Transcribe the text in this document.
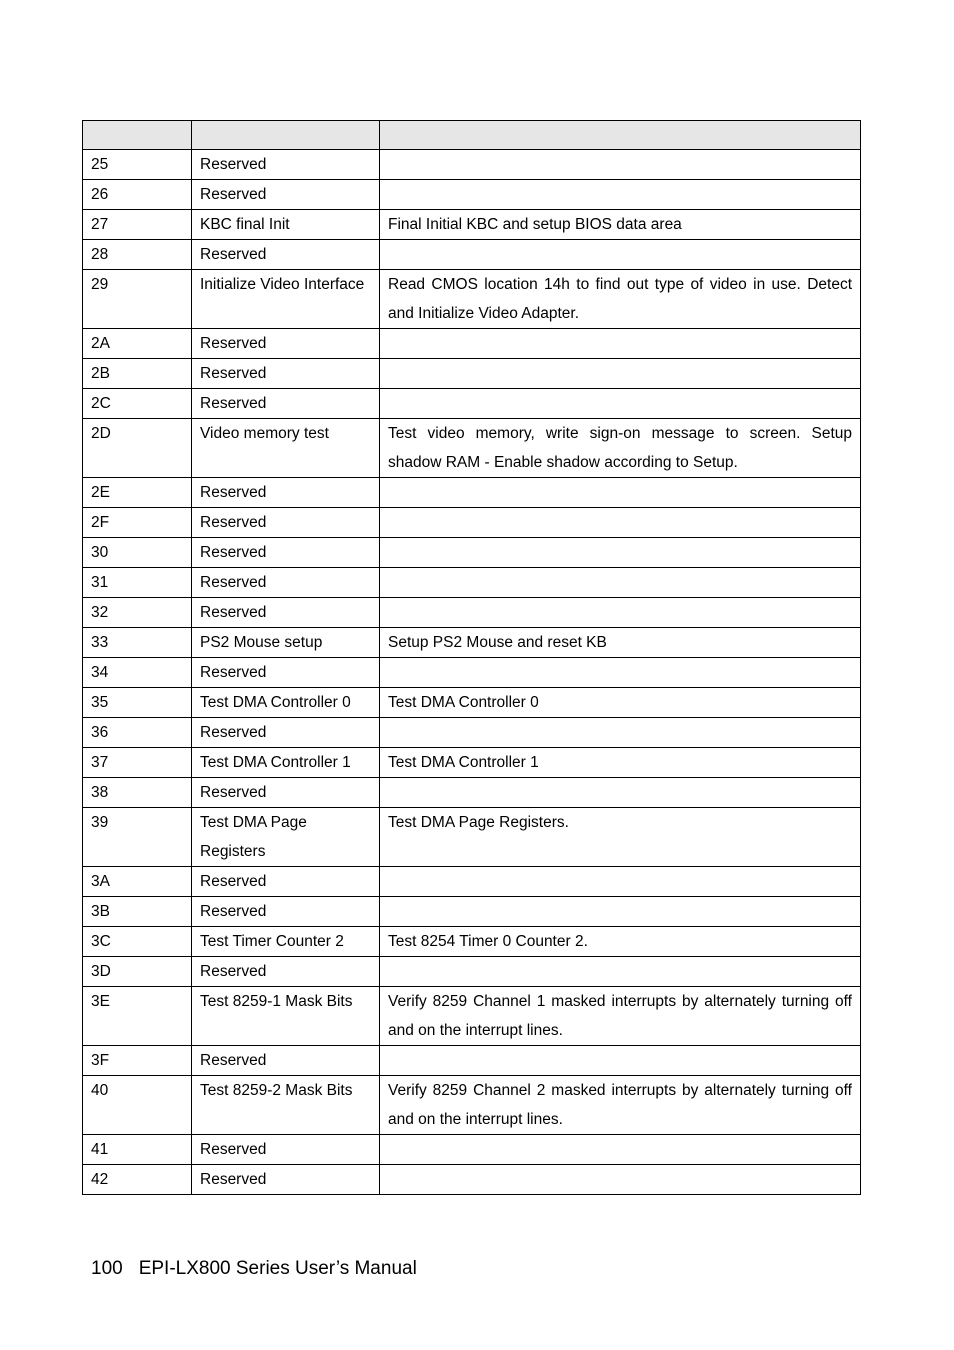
25	Reserved	
26	Reserved	
27	KBC final Init	Final Initial KBC and setup BIOS data area
28	Reserved	
29	Initialize Video Interface	Read CMOS location 14h to find out type of video in use. Detect and Initialize Video Adapter.
2A	Reserved	
2B	Reserved	
2C	Reserved	
2D	Video memory test	Test video memory, write sign-on message to screen. Setup shadow RAM - Enable shadow according to Setup.
2E	Reserved	
2F	Reserved	
30	Reserved	
31	Reserved	
32	Reserved	
33	PS2 Mouse setup	Setup PS2 Mouse and reset KB
34	Reserved	
35	Test DMA Controller 0	Test DMA Controller 0
36	Reserved	
37	Test DMA Controller 1	Test DMA Controller 1
38	Reserved	
39	Test DMA Page Registers	Test DMA Page Registers.
3A	Reserved	
3B	Reserved	
3C	Test Timer Counter 2	Test 8254 Timer 0 Counter 2.
3D	Reserved	
3E	Test 8259-1 Mask Bits	Verify 8259 Channel 1 masked interrupts by alternately turning off and on the interrupt lines.
3F	Reserved	
40	Test 8259-2 Mask Bits	Verify 8259 Channel 2 masked interrupts by alternately turning off and on the interrupt lines.
41	Reserved	
42	Reserved	
100 EPI-LX800 Series User’s Manual
